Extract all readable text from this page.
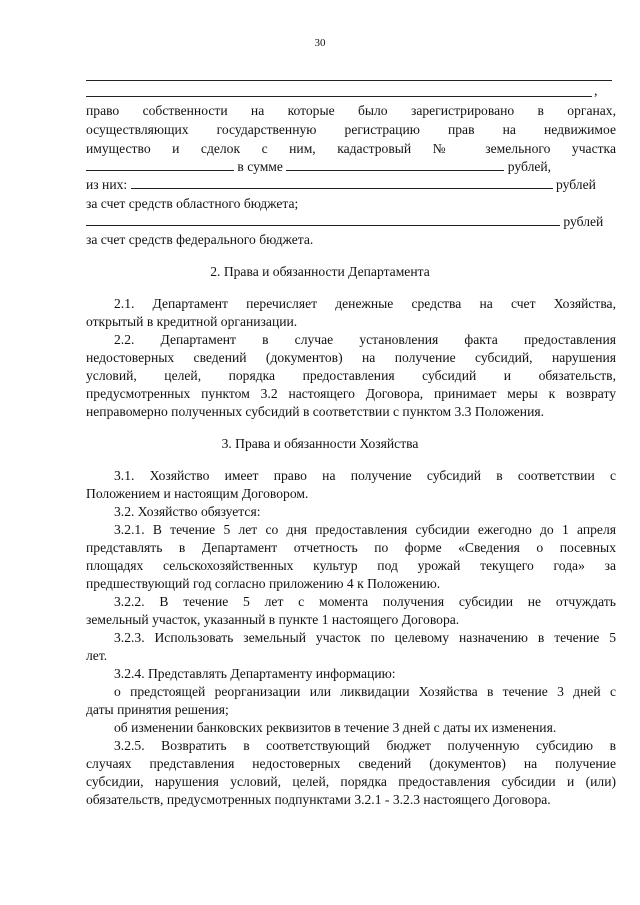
30
,
право собственности на которые было зарегистрировано в органах,
осуществляющих государственную регистрацию прав на недвижимое
имущество и сделок с ним, кадастровый № земельного участка
в сумме	рублей,
из них:	рублей
за счет средств областного бюджета;
рублей
за счет средств федерального бюджета.
2. Права и обязанности Департамента
2.1. Департамент перечисляет денежные средства на счет Хозяйства,
открытый в кредитной организации.
2.2. Департамент в случае установления факта предоставления
недостоверных сведений (документов) на получение субсидий, нарушения
условий, целей, порядка предоставления субсидий и обязательств,
предусмотренных пунктом 3.2 настоящего Договора, принимает меры к возврату
неправомерно полученных субсидий в соответствии с пунктом 3.3 Положения.
3. Права и обязанности Хозяйства
3.1. Хозяйство имеет право на получение субсидий в соответствии с
Положением и настоящим Договором.
3.2. Хозяйство обязуется:
3.2.1. В течение 5 лет со дня предоставления субсидии ежегодно до 1 апреля
представлять в Департамент отчетность по форме «Сведения о посевных
площадях сельскохозяйственных культур под урожай текущего года» за
предшествующий год согласно приложению 4 к Положению.
3.2.2. В течение 5 лет с момента получения субсидии не отчуждать
земельный участок, указанный в пункте 1 настоящего Договора.
3.2.3. Использовать земельный участок по целевому назначению в течение 5
лет.
3.2.4. Представлять Департаменту информацию:
о предстоящей реорганизации или ликвидации Хозяйства в течение 3 дней с
даты принятия решения;
об изменении банковских реквизитов в течение 3 дней с даты их изменения.
3.2.5. Возвратить в соответствующий бюджет полученную субсидию в
случаях представления недостоверных сведений (документов) на получение
субсидии, нарушения условий, целей, порядка предоставления субсидии и (или)
обязательств, предусмотренных подпунктами 3.2.1 - 3.2.3 настоящего Договора.
